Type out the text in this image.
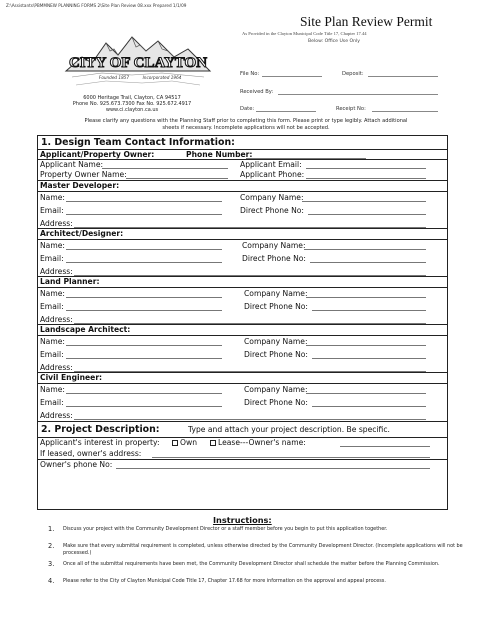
Z:\Assistants\PBMMNEW PLANNING FORMS 2\Site Plan Review 08.xxx Prepared 1/1/09
Site Plan Review Permit
As Provided in the Clayton Municipal Code Title 17, Chapter 17.44
Below: Office Use Only
CITY OF CLAYTON
Founded 1857	Incorporated 1964
6000 Heritage Trail, Clayton, CA 94517
Phone No. 925.673.7300 Fax No. 925.672.4917
www.ci.clayton.ca.us
File No:	Deposit:
Received By:
Date:	Receipt No:
Please clarify any questions with the Planning Staff prior to completing this form. Please print or type legibly. Attach additional
sheets if necessary. Incomplete applications will not be accepted.
1. Design Team Contact Information:
Applicant/Property Owner:	Phone Number:
Applicant Name:	Applicant Email:
Property Owner Name:	Applicant Phone:
Master Developer:
Name:	Company Name:
Email:	Direct Phone No:
Address:
Architect/Designer:
Name:	Company Name:
Email:	Direct Phone No:
Address:
Land Planner:
Name:	Company Name:
Email:	Direct Phone No:
Address:
Landscape Architect:
Name:	Company Name:
Email:	Direct Phone No:
Address:
Civil Engineer:
Name:	Company Name:
Email:	Direct Phone No:
Address:
2. Project Description:	Type and attach your project description. Be specific.
Applicant's interest in property:	Own	Lease---Owner's name:
If leased, owner's address:
Owner's phone No:
Instructions:
1. Discuss your project with the Community Development Director or a staff member before you begin to put this application together.
2. Make sure that every submittal requirement is completed, unless otherwise directed by the Community Development Director. (Incomplete applications will not be processed.)
3. Once all of the submittal requirements have been met, the Community Development Director shall schedule the matter before the Planning Commission.
4. Please refer to the City of Clayton Municipal Code Title 17, Chapter 17.68 for more information on the approval and appeal process.
